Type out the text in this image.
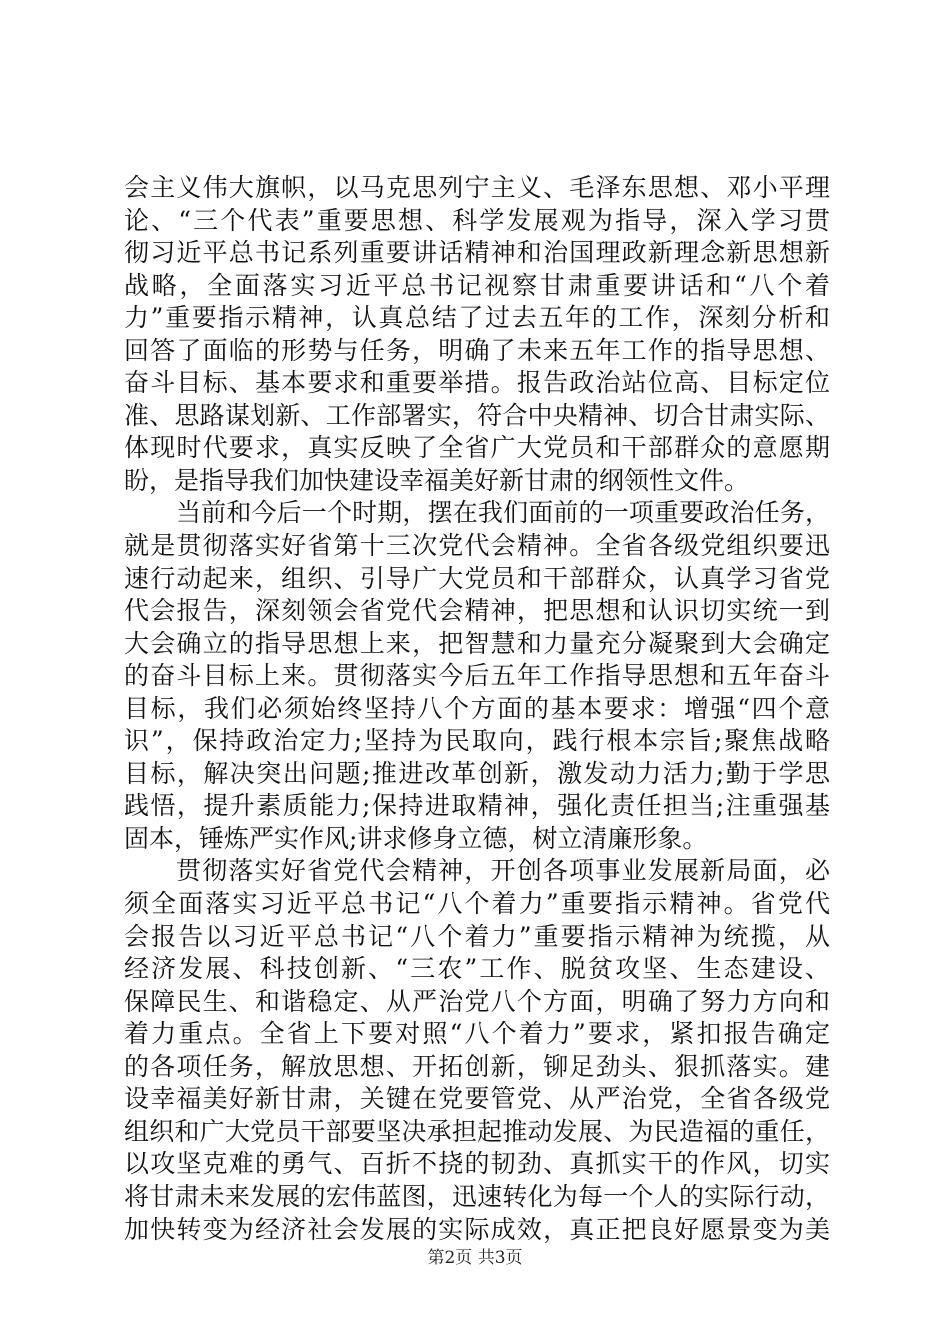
会主义伟大旗帜，以马克思列宁主义、毛泽东思想、邓小平理
论、“三个代表”重要思想、科学发展观为指导，深入学习贯
彻习近平总书记系列重要讲话精神和治国理政新理念新思想新
战略，全面落实习近平总书记视察甘肃重要讲话和“八个着
力”重要指示精神，认真总结了过去五年的工作，深刻分析和
回答了面临的形势与任务，明确了未来五年工作的指导思想、
奋斗目标、基本要求和重要举措。报告政治站位高、目标定位
准、思路谋划新、工作部署实，符合中央精神、切合甘肃实际、
体现时代要求，真实反映了全省广大党员和干部群众的意愿期
盼，是指导我们加快建设幸福美好新甘肃的纲领性文件。
当前和今后一个时期，摆在我们面前的一项重要政治任务，
就是贯彻落实好省第十三次党代会精神。全省各级党组织要迅
速行动起来，组织、引导广大党员和干部群众，认真学习省党
代会报告，深刻领会省党代会精神，把思想和认识切实统一到
大会确立的指导思想上来，把智慧和力量充分凝聚到大会确定
的奋斗目标上来。贯彻落实今后五年工作指导思想和五年奋斗
目标，我们必须始终坚持八个方面的基本要求：增强“四个意
识”，保持政治定力;坚持为民取向，践行根本宗旨;聚焦战略
目标，解决突出问题;推进改革创新，激发动力活力;勤于学思
践悟，提升素质能力;保持进取精神，强化责任担当;注重强基
固本，锤炼严实作风;讲求修身立德，树立清廉形象。
贯彻落实好省党代会精神，开创各项事业发展新局面，必
须全面落实习近平总书记“八个着力”重要指示精神。省党代
会报告以习近平总书记“八个着力”重要指示精神为统揽，从
经济发展、科技创新、“三农”工作、脱贫攻坚、生态建设、
保障民生、和谐稳定、从严治党八个方面，明确了努力方向和
着力重点。全省上下要对照“八个着力”要求，紧扣报告确定
的各项任务，解放思想、开拓创新，铆足劲头、狠抓落实。建
设幸福美好新甘肃，关键在党要管党、从严治党，全省各级党
组织和广大党员干部要坚决承担起推动发展、为民造福的重任，
以攻坚克难的勇气、百折不挠的韧劲、真抓实干的作风，切实
将甘肃未来发展的宏伟蓝图，迅速转化为每一个人的实际行动，
加快转变为经济社会发展的实际成效，真正把良好愿景变为美
第2页 共3页
